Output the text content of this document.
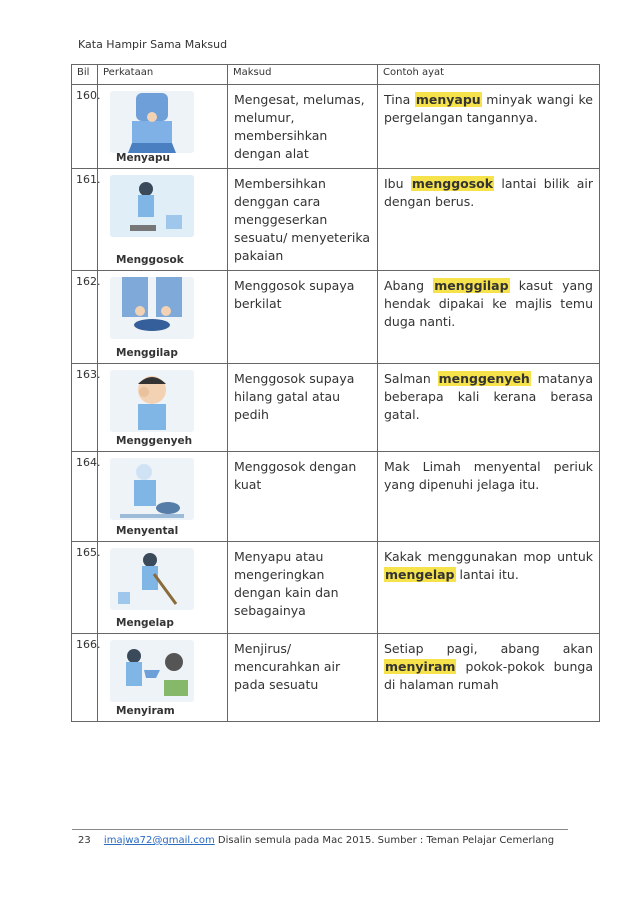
Kata Hampir Sama Maksud
Bil	Perkataan	Maksud	Contoh ayat
160.	Menyapu	Mengesat, melumas, melumur, membersihkan dengan alat	Tina menyapu minyak wangi ke pergelangan tangannya.
161.	Menggosok	Membersihkan denggan cara menggeserkan sesuatu/ menyeterika pakaian	Ibu menggosok lantai bilik air dengan berus.
162.	Menggilap	Menggosok supaya berkilat	Abang menggilap kasut yang hendak dipakai ke majlis temu duga nanti.
163.	Menggenyeh	Menggosok supaya hilang gatal atau pedih	Salman menggenyeh matanya beberapa kali kerana berasa gatal.
164.	Menyental	Menggosok dengan kuat	Mak Limah menyental periuk yang dipenuhi jelaga itu.
165.	Mengelap	Menyapu atau mengeringkan dengan kain dan sebagainya	Kakak menggunakan mop untuk mengelap lantai itu.
166.	Menyiram	Menjirus/ mencurahkan air pada sesuatu	Setiap pagi, abang akan menyiram pokok-pokok bunga di halaman rumah
23 imajwa72@gmail.com Disalin semula pada Mac 2015. Sumber : Teman Pelajar Cemerlang
